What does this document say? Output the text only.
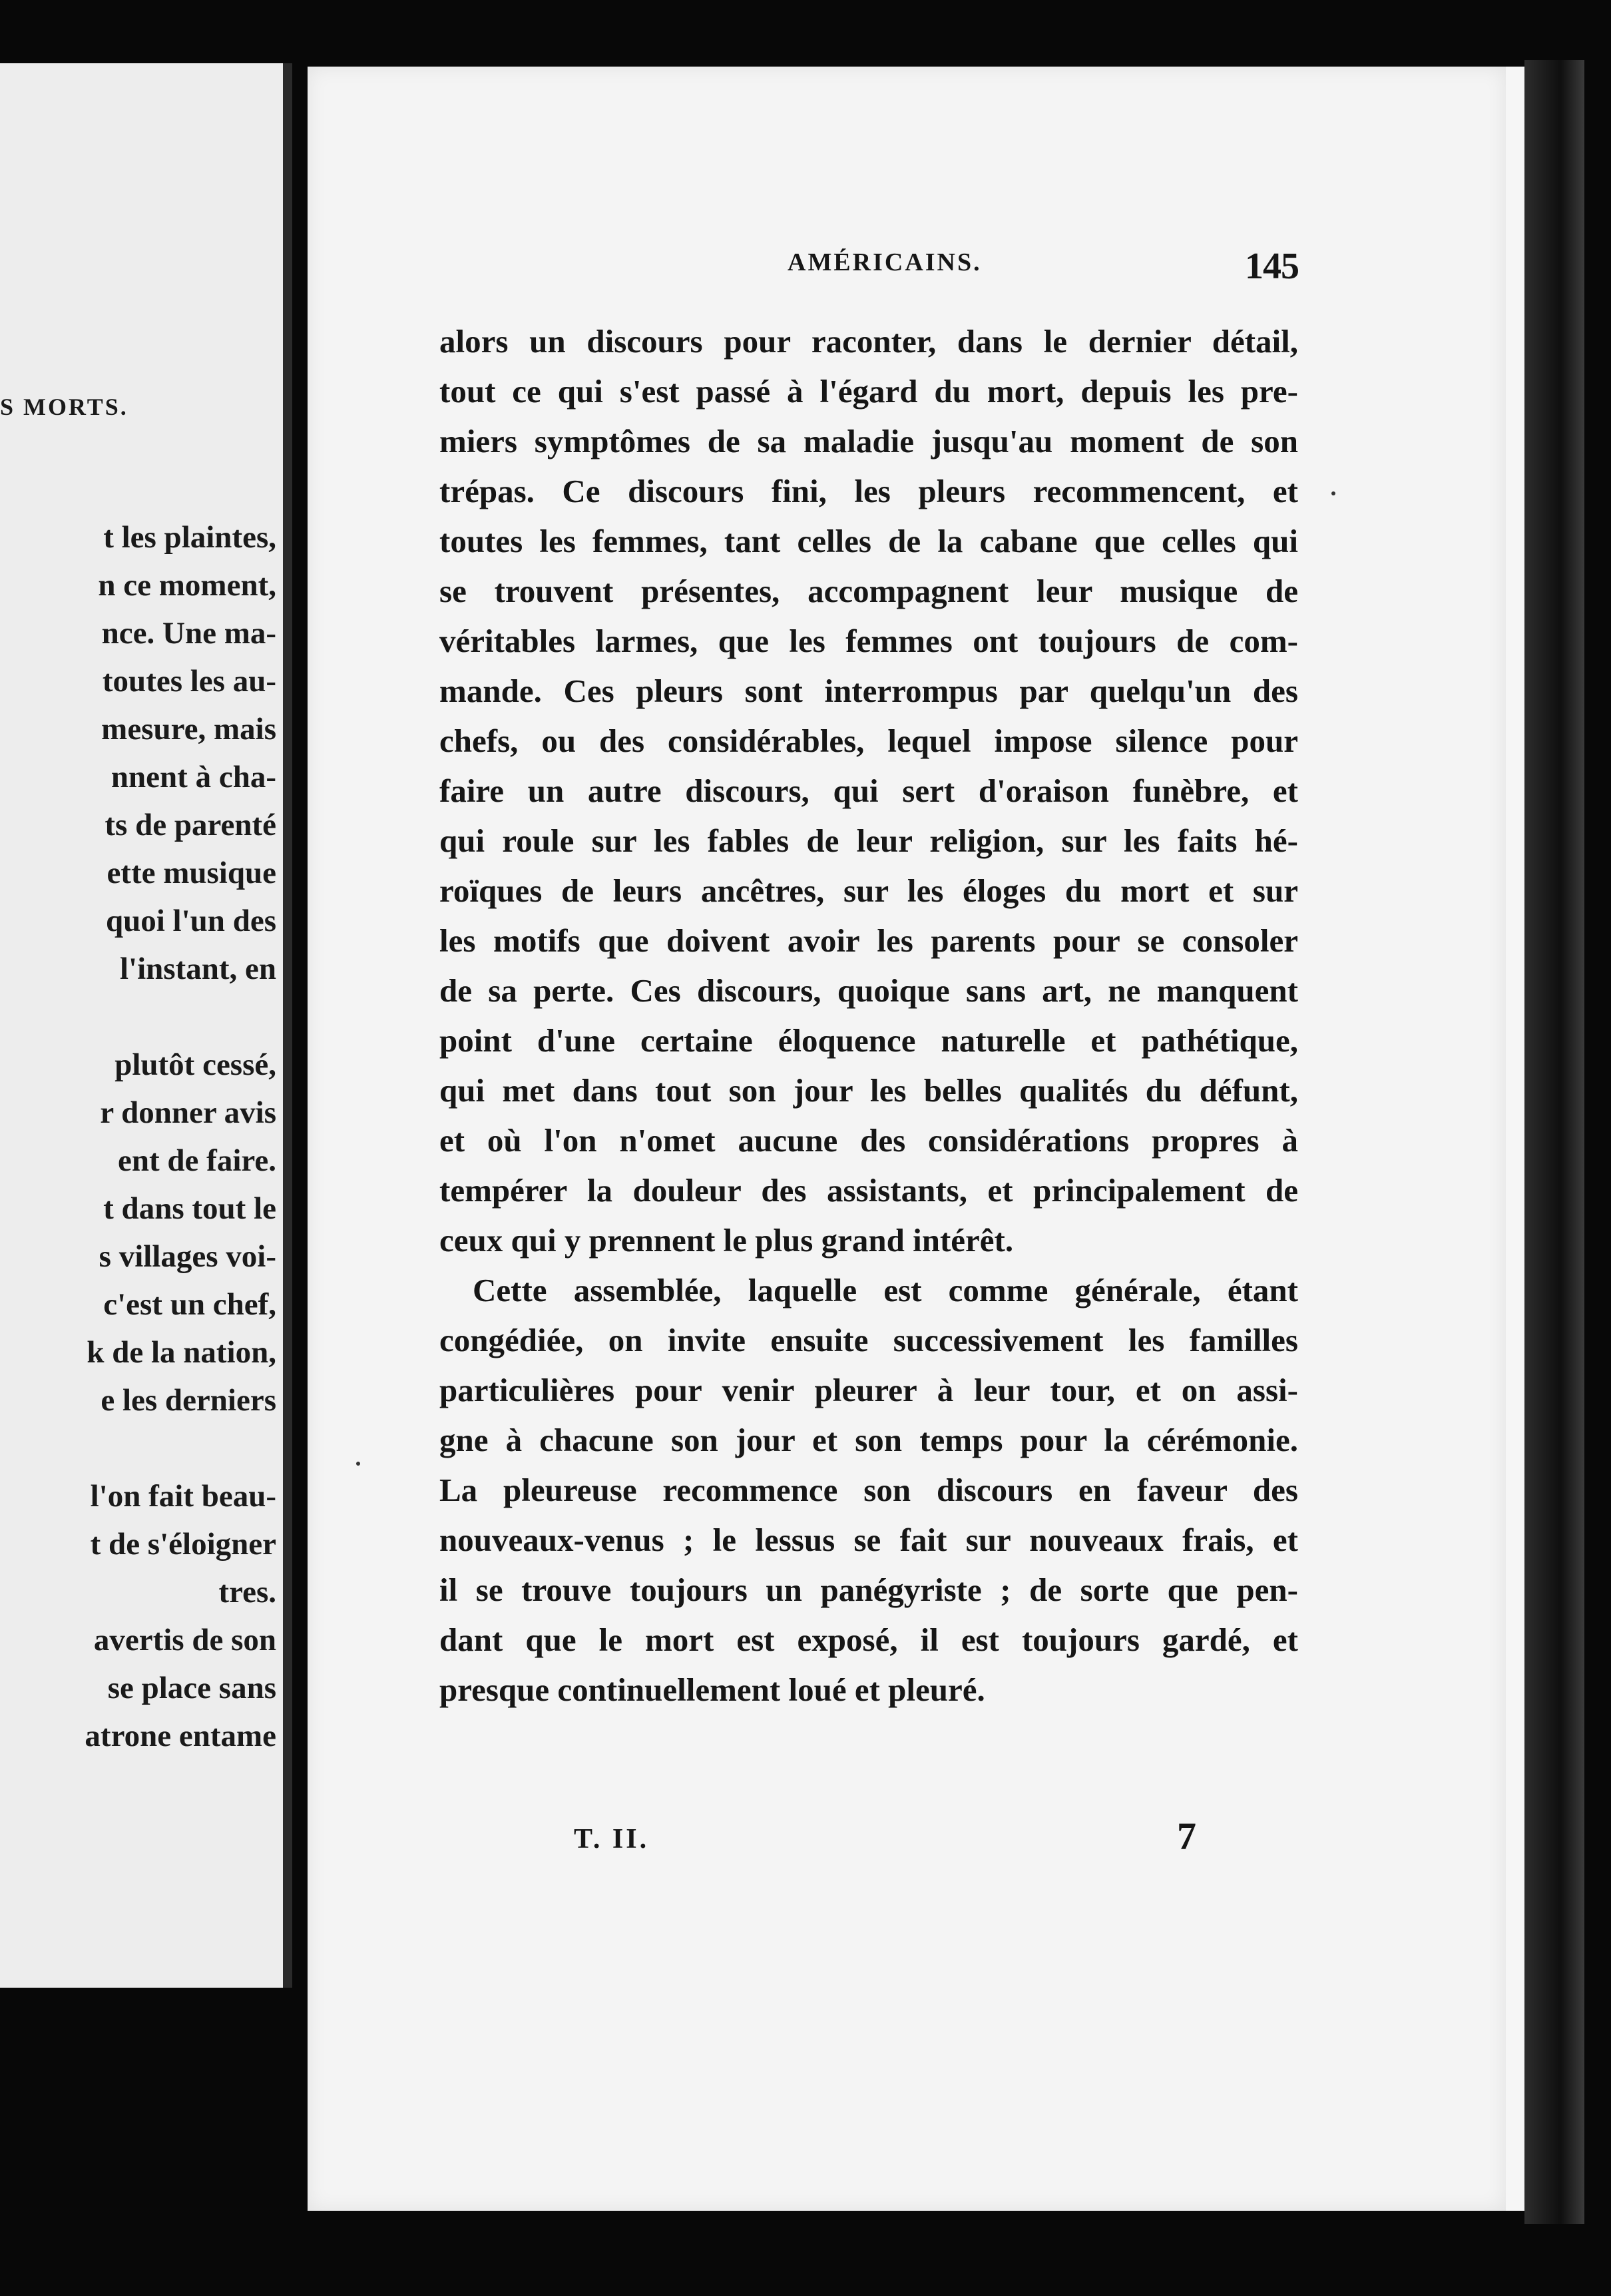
S MORTS.
t les plaintes,
n ce moment,
nce. Une ma-
toutes les au-
mesure, mais
nnent à cha-
ts de parenté
ette musique
quoi l'un des
l'instant, en
plutôt cessé,
r donner avis
ent de faire.
t dans tout le
s villages voi-
c'est un chef,
k de la nation,
e les derniers
l'on fait beau-
t de s'éloigner
tres.
avertis de son
se place sans
atrone entame
AMÉRICAINS.	145
alors un discours pour raconter, dans le dernier détail,
tout ce qui s'est passé à l'égard du mort, depuis les pre-
miers symptômes de sa maladie jusqu'au moment de son
trépas. Ce discours fini, les pleurs recommencent, et
toutes les femmes, tant celles de la cabane que celles qui
se trouvent présentes, accompagnent leur musique de
véritables larmes, que les femmes ont toujours de com-
mande. Ces pleurs sont interrompus par quelqu'un des
chefs, ou des considérables, lequel impose silence pour
faire un autre discours, qui sert d'oraison funèbre, et
qui roule sur les fables de leur religion, sur les faits hé-
roïques de leurs ancêtres, sur les éloges du mort et sur
les motifs que doivent avoir les parents pour se consoler
de sa perte. Ces discours, quoique sans art, ne manquent
point d'une certaine éloquence naturelle et pathétique,
qui met dans tout son jour les belles qualités du défunt,
et où l'on n'omet aucune des considérations propres à
tempérer la douleur des assistants, et principalement de
ceux qui y prennent le plus grand intérêt.
Cette assemblée, laquelle est comme générale, étant
congédiée, on invite ensuite successivement les familles
particulières pour venir pleurer à leur tour, et on assi-
gne à chacune son jour et son temps pour la cérémonie.
La pleureuse recommence son discours en faveur des
nouveaux-venus ; le lessus se fait sur nouveaux frais, et
il se trouve toujours un panégyriste ; de sorte que pen-
dant que le mort est exposé, il est toujours gardé, et
presque continuellement loué et pleuré.
T. II.	7
